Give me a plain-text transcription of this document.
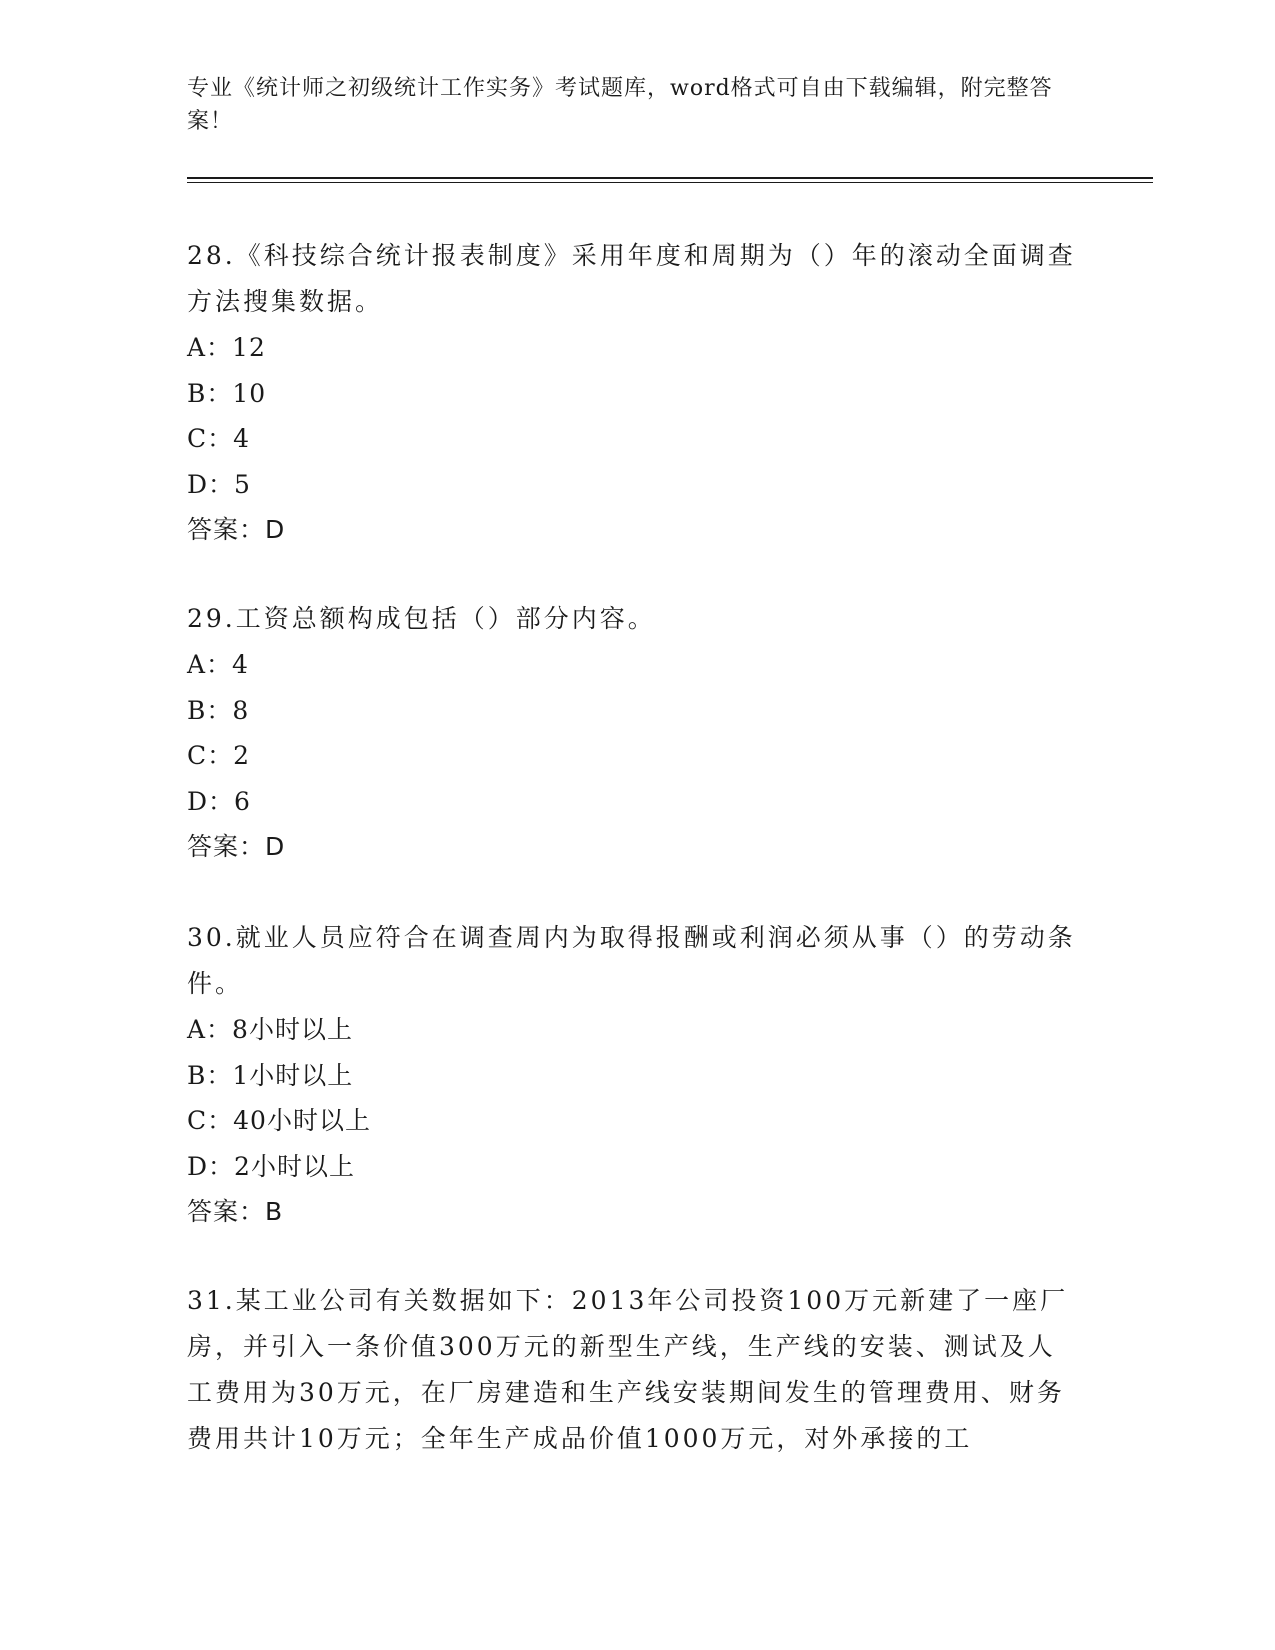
专业《统计师之初级统计工作实务》考试题库，word格式可自由下载编辑，附完整答案！

28.《科技综合统计报表制度》采用年度和周期为（）年的滚动全面调查方法搜集数据。

A：12

B：10

C：4

D：5

答案：D

29.工资总额构成包括（）部分内容。

A：4

B：8

C：2

D：6

答案：D

30.就业人员应符合在调查周内为取得报酬或利润必须从事（）的劳动条件。

A：8小时以上

B：1小时以上

C：40小时以上

D：2小时以上

答案：B

31.某工业公司有关数据如下：2013年公司投资100万元新建了一座厂房，并引入一条价值300万元的新型生产线，生产线的安装、测试及人工费用为30万元，在厂房建造和生产线安装期间发生的管理费用、财务费用共计10万元；全年生产成品价值1000万元，对外承接的工
